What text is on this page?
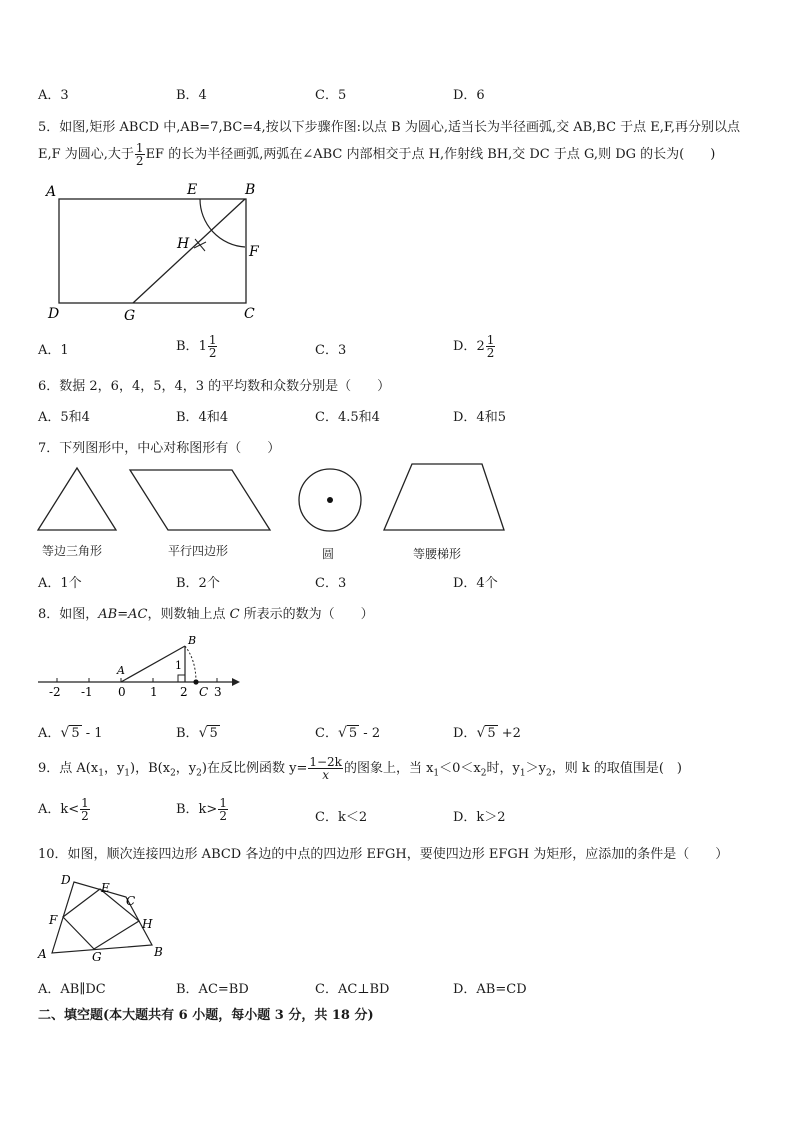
A．3	B．4	C．5	D．6
5．如图,矩形 ABCD 中,AB=7,BC=4,按以下步骤作图:以点 B 为圆心,适当长为半径画弧,交 AB,BC 于点 E,F,再分别以点
E,F 为圆心,大于 $\frac{1}{2}$ EF 的长为半径画弧,两弧在∠ABC 内部相交于点 H,作射线 BH,交 DC 于点 G,则 DG 的长为(　　)
A	E	B
H	F
D	G	C
A．1	B．$1 \frac{1}{2}$	C．3	D．$2 \frac{1}{2}$
6．数据 2，6，4，5，4，3 的平均数和众数分别是（　　）
A．5和4	B．4和4	C．4.5和4	D．4和5
7．下列图形中，中心对称图形有（　　）
等边三角形	平行四边形	圆	等腰梯形
A．1个	B．2个	C．3	D．4个
8．如图，AB=AC，则数轴上点 C 所表示的数为（　　）
A
B
1
C
-2 -1 0 1 2 3
A．√ 5 - 1	B．√ 5	C．√ 5 - 2	D．√ 5 +2
9．点 $A(x_1$，$y_1$)，$B(x_2$，$y_2$)在反比例函数 $y= \frac{1-2k}{x}$ 的图象上，当 $x_1<0<x_2$时，$y_1>y_2$，则 k 的取值围是(　)
A．$k< \frac{1}{2}$	B．$k> \frac{1}{2}$	C．k＜2	D．k＞2
10．如图，顺次连接四边形 ABCD 各边的中点的四边形 EFGH，要使四边形 EFGH 为矩形，应添加的条件是（　　）
D
E
C
F	H
A	G	B
A．AB∥DC	B．AC=BD	C．AC⊥BD	D．AB=CD
二、填空题(本大题共有 6 小题，每小题 3 分，共 18 分)
